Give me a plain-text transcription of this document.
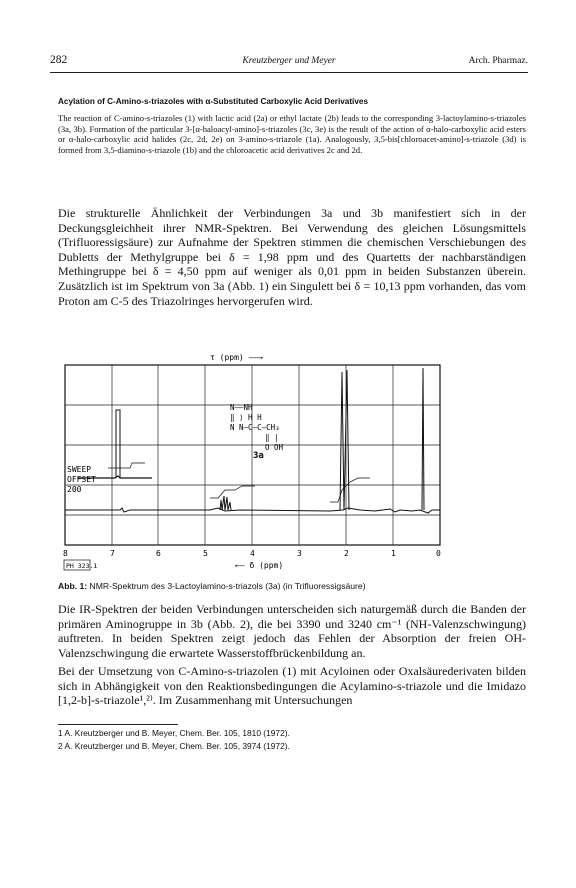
282	Kreutzberger und Meyer	Arch. Pharmaz.
Acylation of C-Amino-s-triazoles with α-Substituted Carboxylic Acid Derivatives
The reaction of C-amino-s-triazoles (1) with lactic acid (2a) or ethyl lactate (2b) leads to the corresponding 3-lactoylamino-s-triazoles (3a, 3b). Formation of the particular 3-[α-haloacyl-amino]-s-triazoles (3c, 3e) is the result of the action of α-halo-carboxylic acid esters or α-halo-carboxylic acid halides (2c, 2d, 2e) on 3-amino-s-triazole (1a). Analogously, 3,5-bis[chloroacet-amino]-s-triazole (3d) is formed from 3,5-diamino-s-triazole (1b) and the chloroacetic acid derivatives 2c and 2d.
Die strukturelle Ähnlichkeit der Verbindungen 3a und 3b manifestiert sich in der Deckungsgleichheit ihrer NMR-Spektren. Bei Verwendung des gleichen Lösungsmittels (Trifluoressigsäure) zur Aufnahme der Spektren stimmen die chemischen Verschiebungen des Dubletts der Methylgruppe bei δ = 1,98 ppm und des Quartetts der nachbarständigen Methingruppe bei δ = 4,50 ppm auf weniger als 0,01 ppm in beiden Substanzen überein. Zusätzlich ist im Spektrum von 3a (Abb. 1) ein Singulett bei δ = 10,13 ppm vorhanden, das vom Proton am C-5 des Triazolringes hervorgerufen wird.
τ (ppm) ——→
SWEEP
OFFSET
200
N——NH
‖ ⟩ H H
N N–C–C–CH₃
‖ |
O OH
3a
8	7	6	5	4	3	2	1	0
PH 323.1	←— δ (ppm)
Abb. 1: NMR-Spektrum des 3-Lactoylamino-s-triazols (3a) (in Trifluoressigsäure)
Die IR-Spektren der beiden Verbindungen unterscheiden sich naturgemäß durch die Banden der primären Aminogruppe in 3b (Abb. 2), die bei 3390 und 3240 cm⁻¹ (NH-Valenzschwingung) auftreten. In beiden Spektren zeigt jedoch das Fehlen der Absorption der freien OH-Valenzschwingung die erwartete Wasserstoffbrückenbildung an.
Bei der Umsetzung von C-Amino-s-triazolen (1) mit Acyloinen oder Oxalsäurederivaten bilden sich in Abhängigkeit von den Reaktionsbedingungen die Acylamino-s-triazole und die Imidazo [1,2-b]-s-triazole¹,²⁾. Im Zusammenhang mit Untersuchungen
1 A. Kreutzberger und B. Meyer, Chem. Ber. 105, 1810 (1972).
2 A. Kreutzberger und B. Meyer, Chem. Ber. 105, 3974 (1972).
